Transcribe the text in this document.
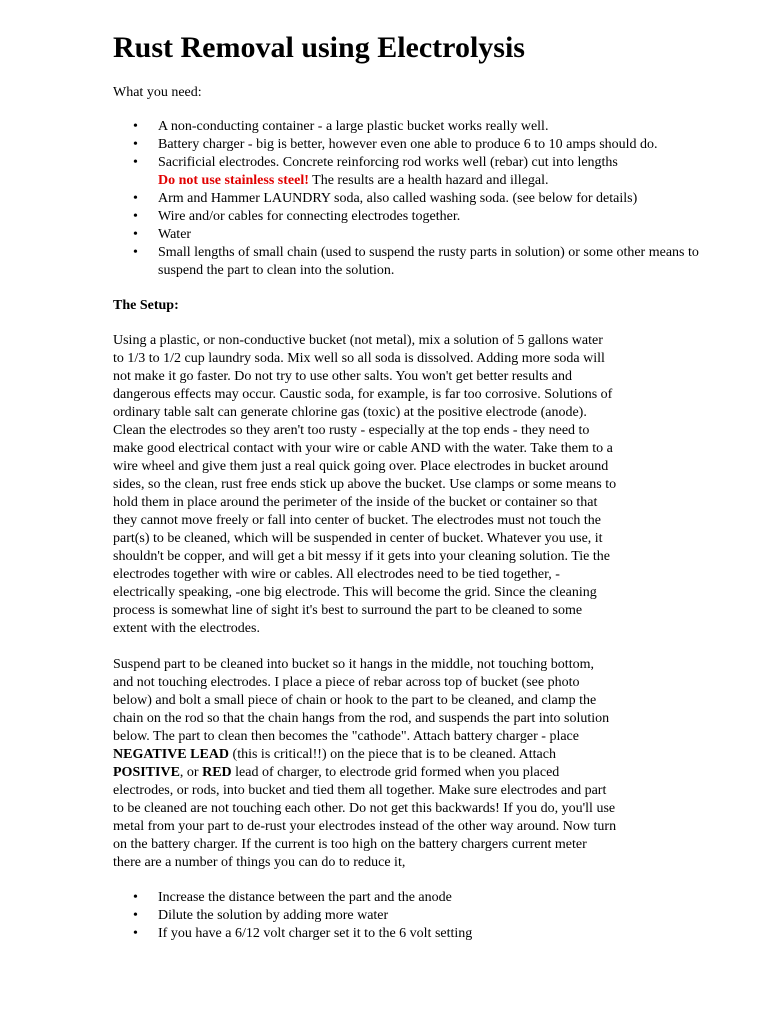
Rust Removal using Electrolysis

What you need:

• A non-conducting container - a large plastic bucket works really well.
• Battery charger - big is better, however even one able to produce 6 to 10 amps should do.
• Sacrificial electrodes. Concrete reinforcing rod works well (rebar) cut into lengths
Do not use stainless steel! The results are a health hazard and illegal.
• Arm and Hammer LAUNDRY soda, also called washing soda. (see below for details)
• Wire and/or cables for connecting electrodes together.
• Water
• Small lengths of small chain (used to suspend the rusty parts in solution) or some other means to
suspend the part to clean into the solution.

The Setup:

Using a plastic, or non-conductive bucket (not metal), mix a solution of 5 gallons water
to 1/3 to 1/2 cup laundry soda. Mix well so all soda is dissolved. Adding more soda will
not make it go faster. Do not try to use other salts. You won't get better results and
dangerous effects may occur. Caustic soda, for example, is far too corrosive. Solutions of
ordinary table salt can generate chlorine gas (toxic) at the positive electrode (anode).
Clean the electrodes so they aren't too rusty - especially at the top ends - they need to
make good electrical contact with your wire or cable AND with the water. Take them to a
wire wheel and give them just a real quick going over. Place electrodes in bucket around
sides, so the clean, rust free ends stick up above the bucket. Use clamps or some means to
hold them in place around the perimeter of the inside of the bucket or container so that
they cannot move freely or fall into center of bucket. The electrodes must not touch the
part(s) to be cleaned, which will be suspended in center of bucket. Whatever you use, it
shouldn't be copper, and will get a bit messy if it gets into your cleaning solution. Tie the
electrodes together with wire or cables. All electrodes need to be tied together, -
electrically speaking, -one big electrode. This will become the grid. Since the cleaning
process is somewhat line of sight it's best to surround the part to be cleaned to some
extent with the electrodes.

Suspend part to be cleaned into bucket so it hangs in the middle, not touching bottom,
and not touching electrodes. I place a piece of rebar across top of bucket (see photo
below) and bolt a small piece of chain or hook to the part to be cleaned, and clamp the
chain on the rod so that the chain hangs from the rod, and suspends the part into solution
below. The part to clean then becomes the "cathode". Attach battery charger - place
NEGATIVE LEAD (this is critical!!) on the piece that is to be cleaned. Attach
POSITIVE, or RED lead of charger, to electrode grid formed when you placed
electrodes, or rods, into bucket and tied them all together. Make sure electrodes and part
to be cleaned are not touching each other. Do not get this backwards! If you do, you'll use
metal from your part to de-rust your electrodes instead of the other way around. Now turn
on the battery charger. If the current is too high on the battery chargers current meter
there are a number of things you can do to reduce it,

• Increase the distance between the part and the anode
• Dilute the solution by adding more water
• If you have a 6/12 volt charger set it to the 6 volt setting
